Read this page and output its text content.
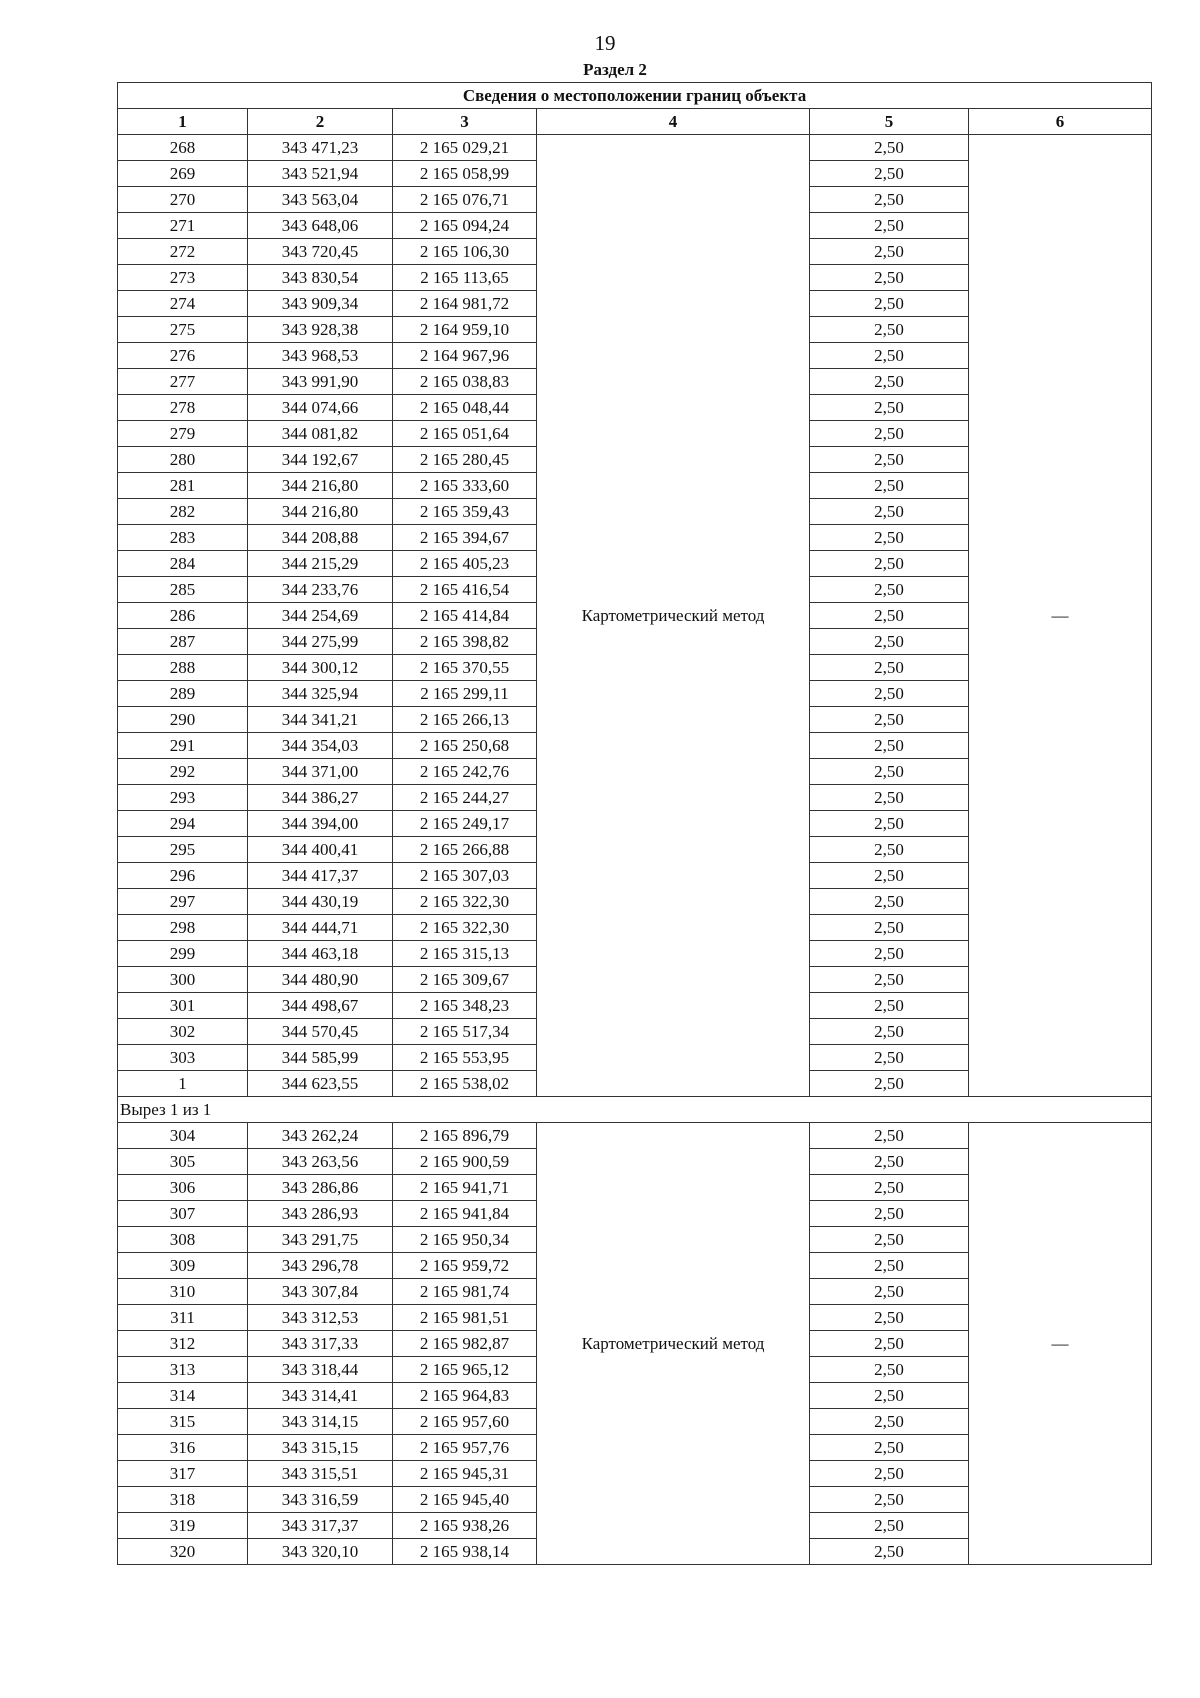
19
Раздел 2
Сведения о местоположении границ объекта					
1	2	3	4	5	6
268	343 471,23	2 165 029,21	Картометрический метод	2,50	—
269	343 521,94	2 165 058,99		2,50	
270	343 563,04	2 165 076,71		2,50	
271	343 648,06	2 165 094,24		2,50	
272	343 720,45	2 165 106,30		2,50	
273	343 830,54	2 165 113,65		2,50	
274	343 909,34	2 164 981,72		2,50	
275	343 928,38	2 164 959,10		2,50	
276	343 968,53	2 164 967,96		2,50	
277	343 991,90	2 165 038,83		2,50	
278	344 074,66	2 165 048,44		2,50	
279	344 081,82	2 165 051,64		2,50	
280	344 192,67	2 165 280,45		2,50	
281	344 216,80	2 165 333,60		2,50	
282	344 216,80	2 165 359,43		2,50	
283	344 208,88	2 165 394,67		2,50	
284	344 215,29	2 165 405,23		2,50	
285	344 233,76	2 165 416,54		2,50	
286	344 254,69	2 165 414,84		2,50	
287	344 275,99	2 165 398,82		2,50	
288	344 300,12	2 165 370,55		2,50	
289	344 325,94	2 165 299,11		2,50	
290	344 341,21	2 165 266,13		2,50	
291	344 354,03	2 165 250,68		2,50	
292	344 371,00	2 165 242,76		2,50	
293	344 386,27	2 165 244,27		2,50	
294	344 394,00	2 165 249,17		2,50	
295	344 400,41	2 165 266,88		2,50	
296	344 417,37	2 165 307,03		2,50	
297	344 430,19	2 165 322,30		2,50	
298	344 444,71	2 165 322,30		2,50	
299	344 463,18	2 165 315,13		2,50	
300	344 480,90	2 165 309,67		2,50	
301	344 498,67	2 165 348,23		2,50	
302	344 570,45	2 165 517,34		2,50	
303	344 585,99	2 165 553,95		2,50	
1	344 623,55	2 165 538,02		2,50	
Вырез 1 из 1					
304	343 262,24	2 165 896,79	Картометрический метод	2,50	—
305	343 263,56	2 165 900,59		2,50	
306	343 286,86	2 165 941,71		2,50	
307	343 286,93	2 165 941,84		2,50	
308	343 291,75	2 165 950,34		2,50	
309	343 296,78	2 165 959,72		2,50	
310	343 307,84	2 165 981,74		2,50	
311	343 312,53	2 165 981,51		2,50	
312	343 317,33	2 165 982,87		2,50	
313	343 318,44	2 165 965,12		2,50	
314	343 314,41	2 165 964,83		2,50	
315	343 314,15	2 165 957,60		2,50	
316	343 315,15	2 165 957,76		2,50	
317	343 315,51	2 165 945,31		2,50	
318	343 316,59	2 165 945,40		2,50	
319	343 317,37	2 165 938,26		2,50	
320	343 320,10	2 165 938,14		2,50	
